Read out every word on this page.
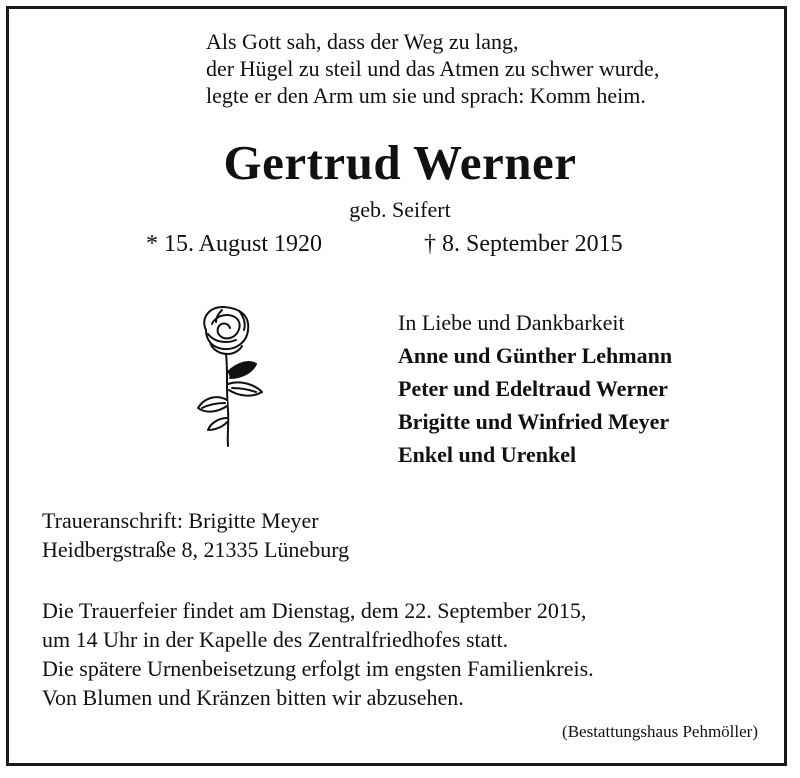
Als Gott sah, dass der Weg zu lang,
der Hügel zu steil und das Atmen zu schwer wurde,
legte er den Arm um sie und sprach: Komm heim.
Gertrud Werner
geb. Seifert
* 15. August 1920	† 8. September 2015
In Liebe und Dankbarkeit
Anne und Günther Lehmann
Peter und Edeltraud Werner
Brigitte und Winfried Meyer
Enkel und Urenkel
Traueranschrift: Brigitte Meyer
Heidbergstraße 8, 21335 Lüneburg
Die Trauerfeier findet am Dienstag, dem 22. September 2015,
um 14 Uhr in der Kapelle des Zentralfriedhofes statt.
Die spätere Urnenbeisetzung erfolgt im engsten Familienkreis.
Von Blumen und Kränzen bitten wir abzusehen.
(Bestattungshaus Pehmöller)
